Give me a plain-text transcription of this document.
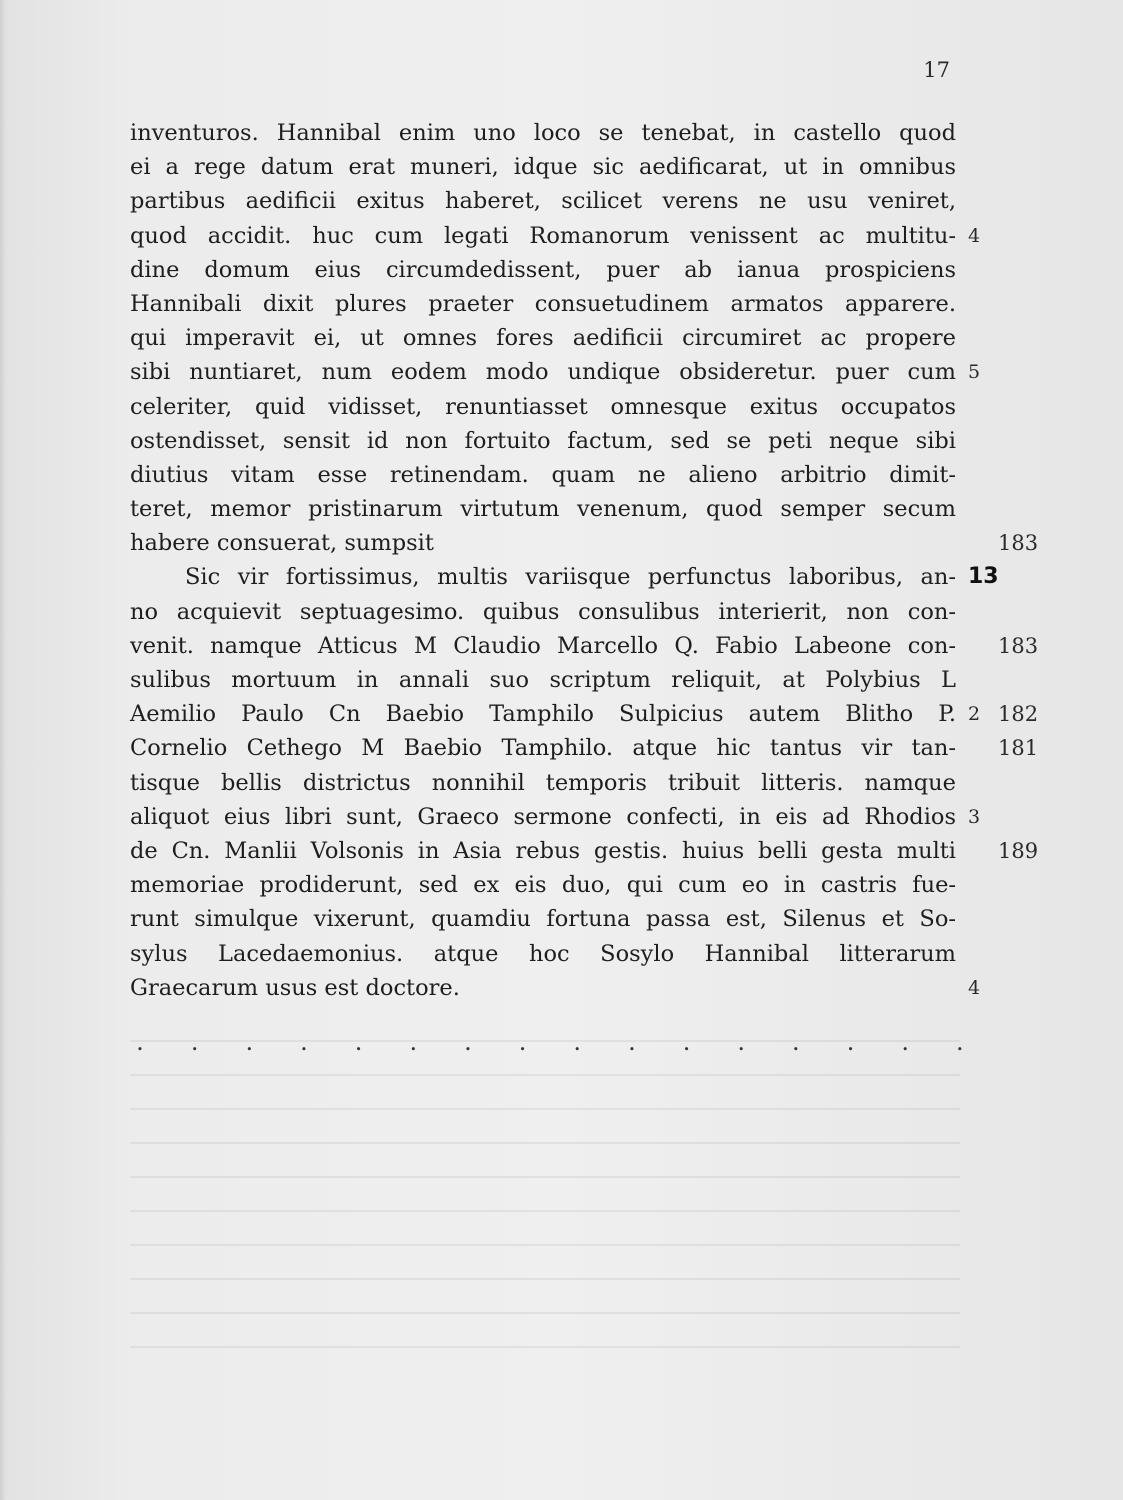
17
inventuros. Hannibal enim uno loco se tenebat, in castello quod
ei a rege datum erat muneri, idque sic aedificarat, ut in omnibus
partibus aedificii exitus haberet, scilicet verens ne usu veniret,
quod accidit. huc cum legati Romanorum venissent ac multitu- 4
dine domum eius circumdedissent, puer ab ianua prospiciens
Hannibali dixit plures praeter consuetudinem armatos apparere.
qui imperavit ei, ut omnes fores aedificii circumiret ac propere
sibi nuntiaret, num eodem modo undique obsideretur. puer cum 5
celeriter, quid vidisset, renuntiasset omnesque exitus occupatos
ostendisset, sensit id non fortuito factum, sed se peti neque sibi
diutius vitam esse retinendam. quam ne alieno arbitrio dimit-
teret, memor pristinarum virtutum venenum, quod semper secum
habere consuerat, sumpsit	183
Sic vir fortissimus, multis variisque perfunctus laboribus, an- 13
no acquievit septuagesimo. quibus consulibus interierit, non con-
venit. namque Atticus M Claudio Marcello Q. Fabio Labeone con- 183
sulibus mortuum in annali suo scriptum reliquit, at Polybius L
Aemilio Paulo Cn Baebio Tamphilo Sulpicius autem Blitho P. 2 182
Cornelio Cethego M Baebio Tamphilo. atque hic tantus vir tan- 181
tisque bellis districtus nonnihil temporis tribuit litteris. namque
aliquot eius libri sunt, Graeco sermone confecti, in eis ad Rhodios 3
de Cn. Manlii Volsonis in Asia rebus gestis. huius belli gesta multi 189
memoriae prodiderunt, sed ex eis duo, qui cum eo in castris fue-
runt simulque vixerunt, quamdiu fortuna passa est, Silenus et So-
sylus Lacedaemonius. atque hoc Sosylo Hannibal litterarum
Graecarum usus est doctore.	4
. . . . . . . . . . . . . . . .
